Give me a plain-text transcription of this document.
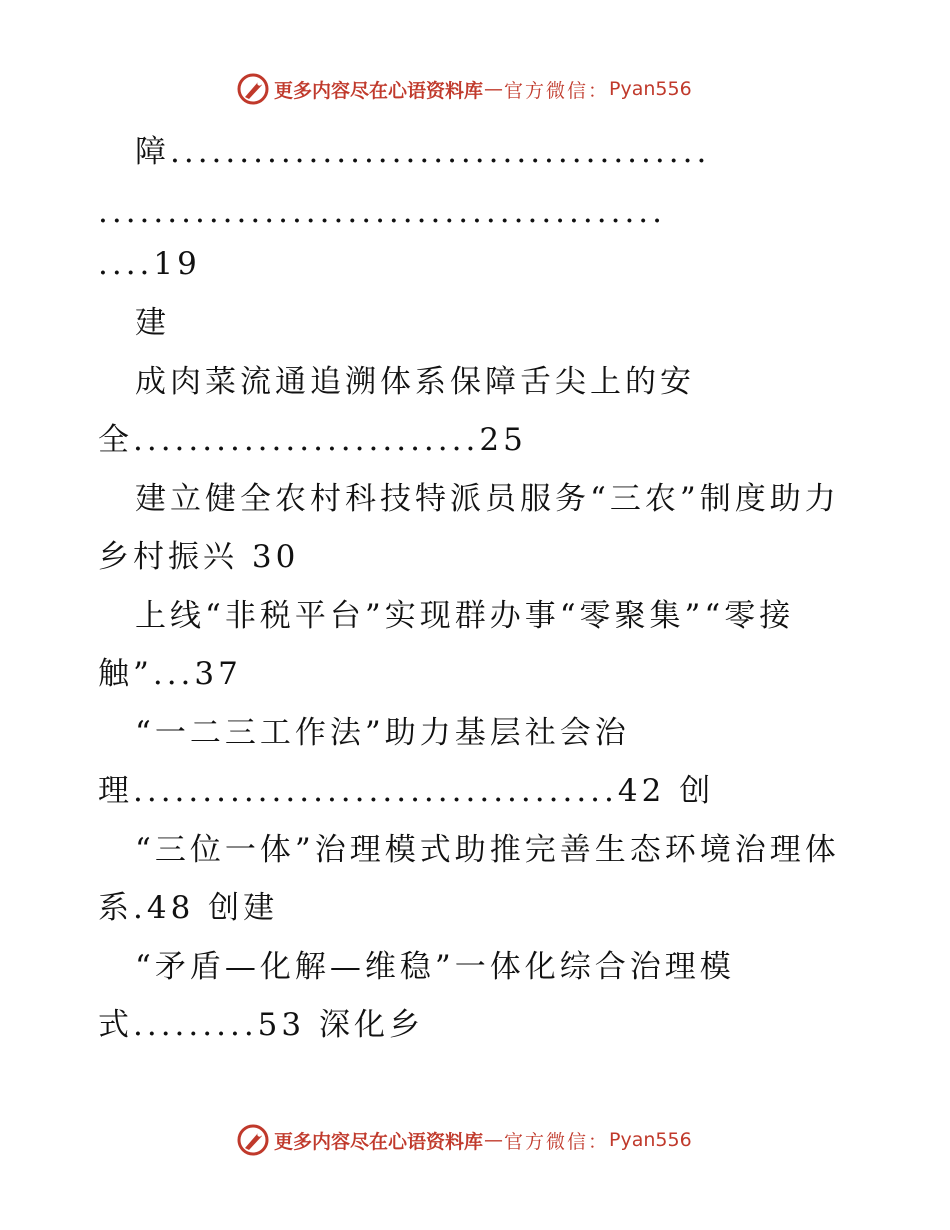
更多内容尽在心语资料库 — 官方微信： Pyan556
障.......................................
.........................................
....19
建
成肉菜流通追溯体系保障舌尖上的安
全.........................25
建立健全农村科技特派员服务“三农”制度助力
乡村振兴 30
上线“非税平台”实现群办事“零聚集”“零接
触”...37
“一二三工作法”助力基层社会治
理...................................42 创
“三位一体”治理模式助推完善生态环境治理体
系.48 创建
“矛盾—化解—维稳”一体化综合治理模
式.........53 深化乡
更多内容尽在心语资料库 — 官方微信： Pyan556
